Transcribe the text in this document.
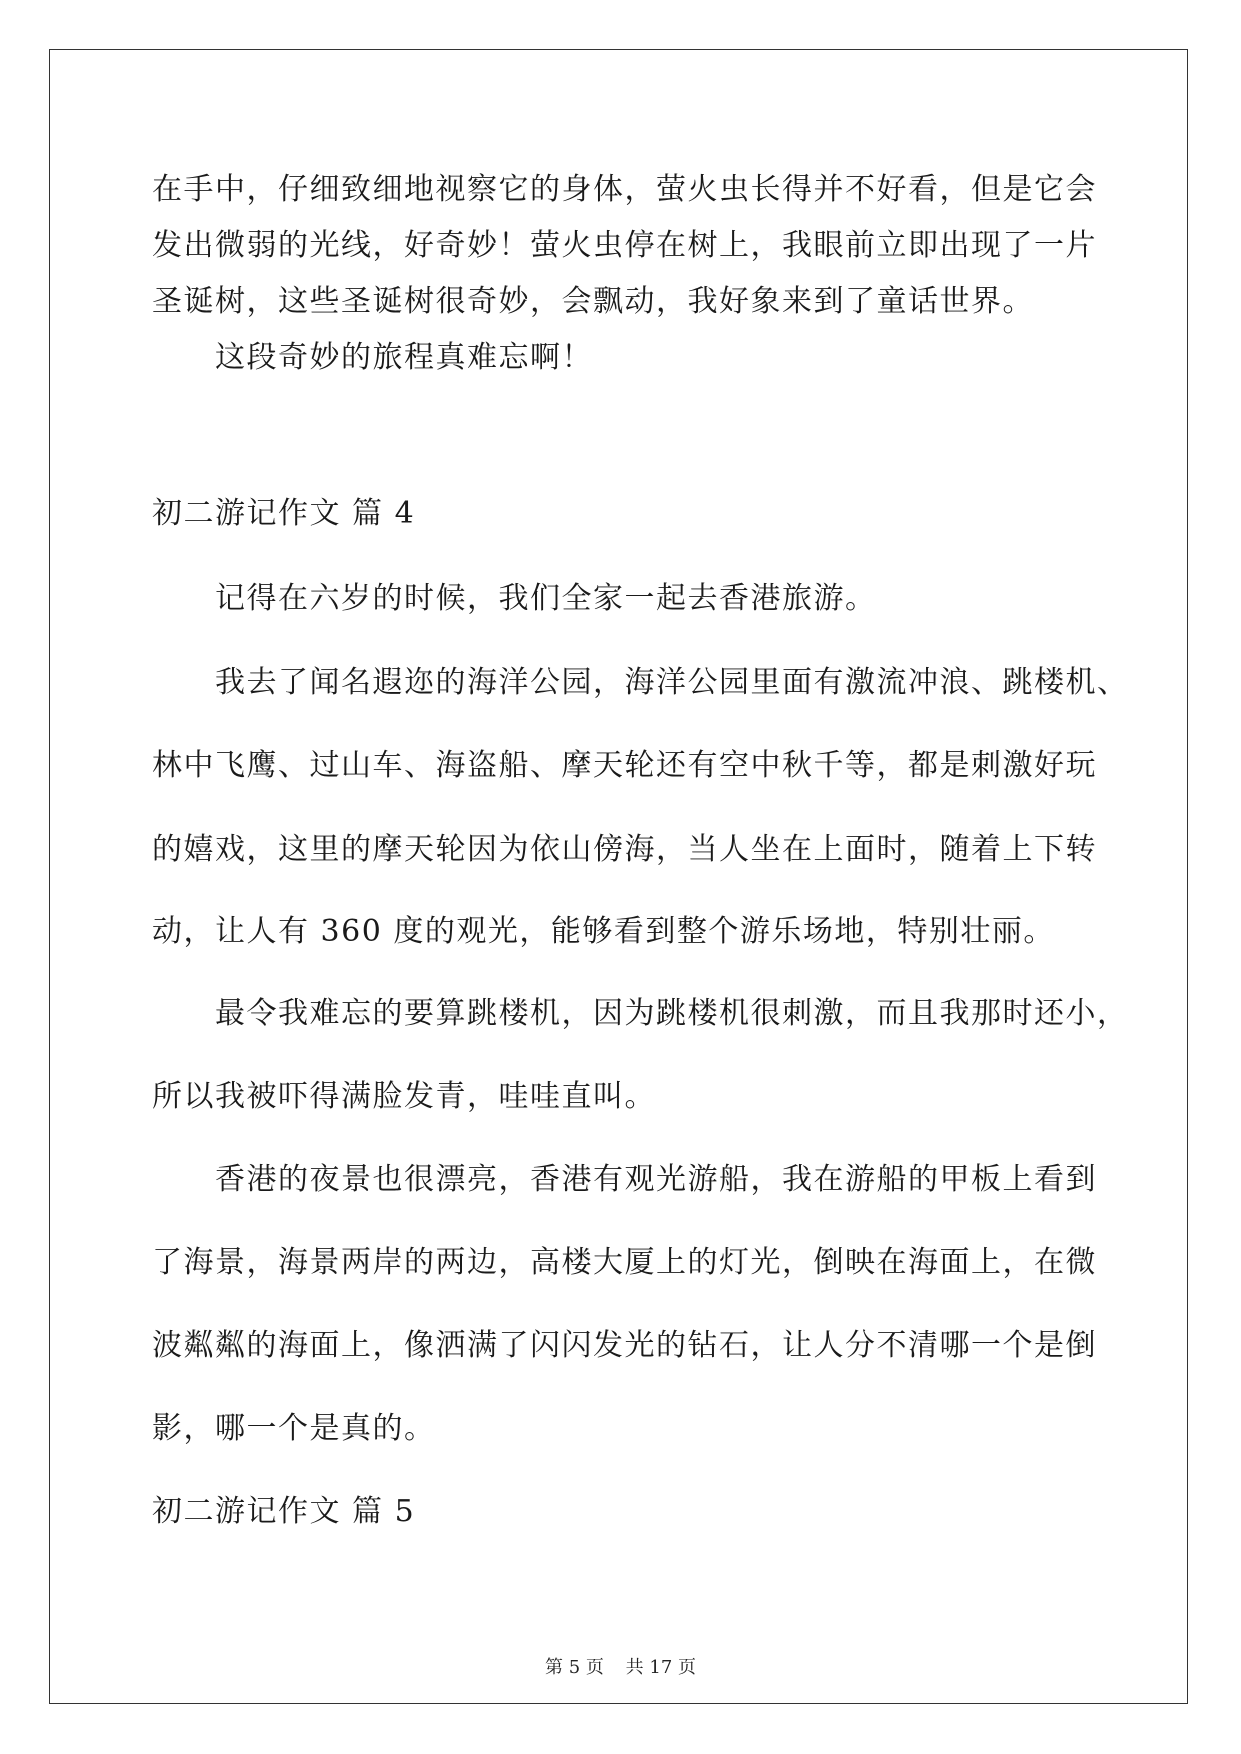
在手中，仔细致细地视察它的身体，萤火虫长得并不好看，但是它会
发出微弱的光线，好奇妙！萤火虫停在树上，我眼前立即出现了一片
圣诞树，这些圣诞树很奇妙，会飘动，我好象来到了童话世界。
这段奇妙的旅程真难忘啊！
初二游记作文 篇 4
记得在六岁的时候，我们全家一起去香港旅游。
我去了闻名遐迩的海洋公园，海洋公园里面有激流冲浪、跳楼机、
林中飞鹰、过山车、海盗船、摩天轮还有空中秋千等，都是刺激好玩
的嬉戏，这里的摩天轮因为依山傍海，当人坐在上面时，随着上下转
动，让人有 360 度的观光，能够看到整个游乐场地，特别壮丽。
最令我难忘的要算跳楼机，因为跳楼机很刺激，而且我那时还小，
所以我被吓得满脸发青，哇哇直叫。
香港的夜景也很漂亮，香港有观光游船，我在游船的甲板上看到
了海景，海景两岸的两边，高楼大厦上的灯光，倒映在海面上，在微
波粼粼的海面上，像洒满了闪闪发光的钻石，让人分不清哪一个是倒
影，哪一个是真的。
初二游记作文 篇 5
第 5 页 共 17 页
